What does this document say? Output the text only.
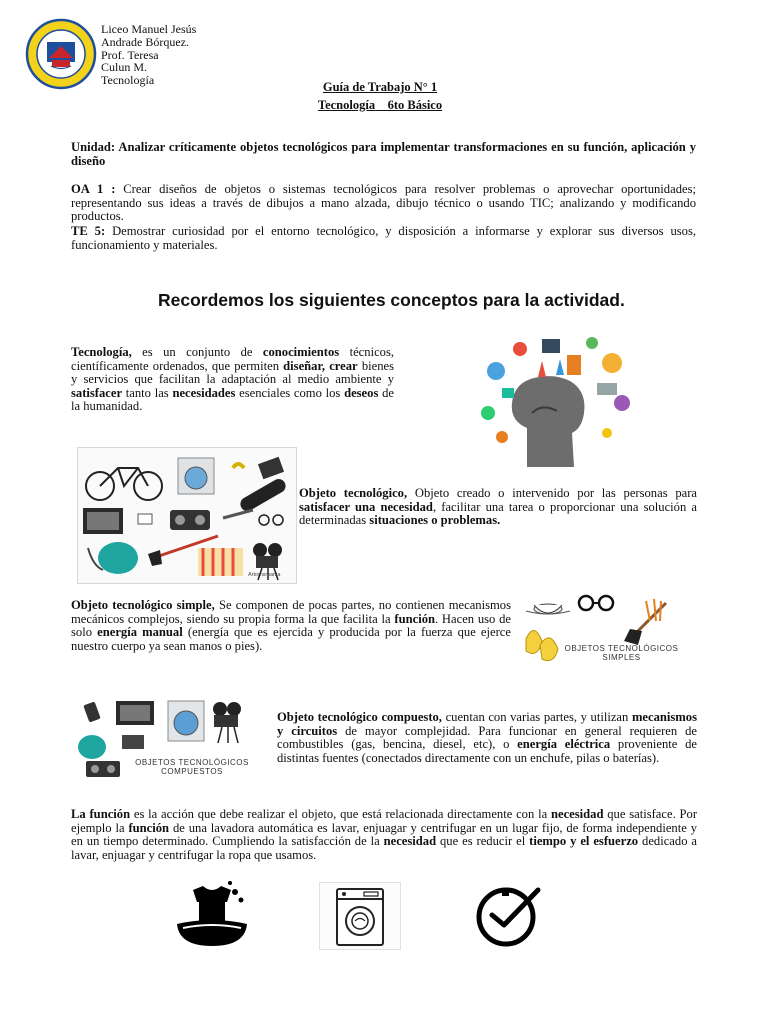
Liceo Manuel Jesús
Andrade Bórquez.
Prof. Teresa
Culun M.
Tecnología	Guía de Trabajo N° 1
Tecnología 6to Básico
Unidad: Analizar críticamente objetos tecnológicos para implementar transformaciones en su función, aplicación y diseño
OA 1 : Crear diseños de objetos o sistemas tecnológicos para resolver problemas o aprovechar oportunidades; representando sus ideas a través de dibujos a mano alzada, dibujo técnico o usando TIC; analizando y modificando productos.
TE 5: Demostrar curiosidad por el entorno tecnológico, y disposición a informarse y explorar sus diversos usos, funcionamiento y materiales.
Recordemos los siguientes conceptos para la actividad.
Tecnología, es un conjunto de conocimientos técnicos, científicamente ordenados, que permiten diseñar, crear bienes y servicios que facilitan la adaptación al medio ambiente y satisfacer tanto las necesidades esenciales como los deseos de la humanidad.
Artomsmania
Objeto tecnológico, Objeto creado o intervenido por las personas para satisfacer una necesidad, facilitar una tarea o proporcionar una solución a determinadas situaciones o problemas.
Objeto tecnológico simple, Se componen de pocas partes, no contienen mecanismos mecánicos complejos, siendo su propia forma la que facilita la función. Hacen uso de solo energía manual (energía que es ejercida y producida por la fuerza que ejerce nuestro cuerpo ya sean manos o pies).	OBJETOS TECNOLÓGICOS
SIMPLES
OBJETOS TECNOLÓGICOS
COMPUESTOS
Objeto tecnológico compuesto, cuentan con varias partes, y utilizan mecanismos y circuitos de mayor complejidad. Para funcionar en general requieren de combustibles (gas, bencina, diesel, etc), o energía eléctrica proveniente de distintas fuentes (conectados directamente con un enchufe, pilas o baterías).
La función es la acción que debe realizar el objeto, que está relacionada directamente con la necesidad que satisface. Por ejemplo la función de una lavadora automática es lavar, enjuagar y centrifugar en un lugar fijo, de forma independiente y en un tiempo determinado. Cumpliendo la satisfacción de la necesidad que es reducir el tiempo y el esfuerzo dedicado a lavar, enjuagar y centrifugar la ropa que usamos.
